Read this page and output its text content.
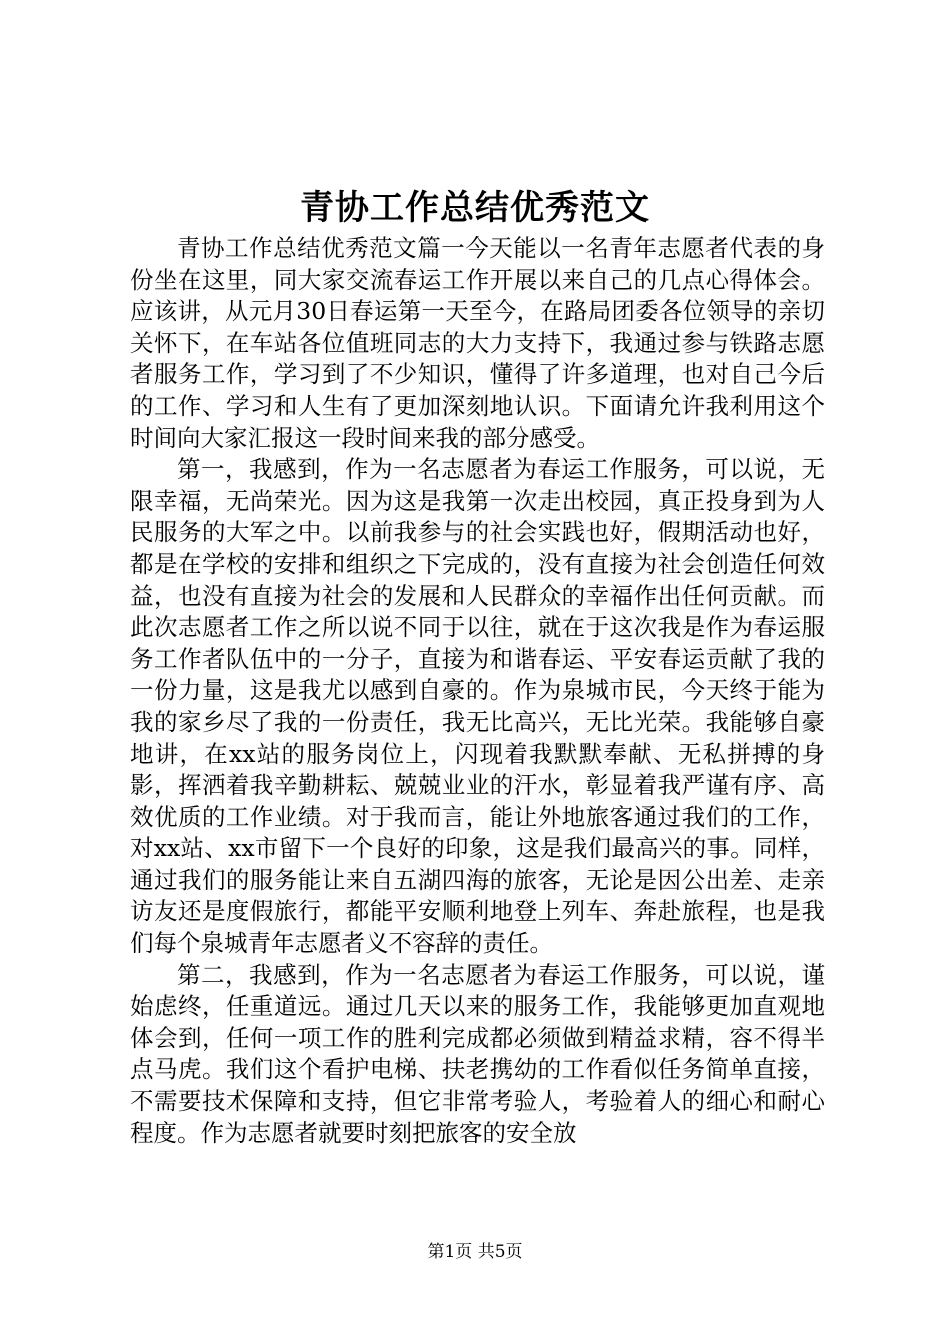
青协工作总结优秀范文

青协工作总结优秀范文篇一今天能以一名青年志愿者代表的身份坐在这里，同大家交流春运工作开展以来自己的几点心得体会。应该讲，从元月30日春运第一天至今，在路局团委各位领导的亲切关怀下，在车站各位值班同志的大力支持下，我通过参与铁路志愿者服务工作，学习到了不少知识，懂得了许多道理，也对自己今后的工作、学习和人生有了更加深刻地认识。下面请允许我利用这个时间向大家汇报这一段时间来我的部分感受。

第一，我感到，作为一名志愿者为春运工作服务，可以说，无限幸福，无尚荣光。因为这是我第一次走出校园，真正投身到为人民服务的大军之中。以前我参与的社会实践也好，假期活动也好，都是在学校的安排和组织之下完成的，没有直接为社会创造任何效益，也没有直接为社会的发展和人民群众的幸福作出任何贡献。而此次志愿者工作之所以说不同于以往，就在于这次我是作为春运服务工作者队伍中的一分子，直接为和谐春运、平安春运贡献了我的一份力量，这是我尤以感到自豪的。作为泉城市民，今天终于能为我的家乡尽了我的一份责任，我无比高兴，无比光荣。我能够自豪地讲，在xx站的服务岗位上，闪现着我默默奉献、无私拼搏的身影，挥洒着我辛勤耕耘、兢兢业业的汗水，彰显着我严谨有序、高效优质的工作业绩。对于我而言，能让外地旅客通过我们的工作，对xx站、xx市留下一个良好的印象，这是我们最高兴的事。同样，通过我们的服务能让来自五湖四海的旅客，无论是因公出差、走亲访友还是度假旅行，都能平安顺利地登上列车、奔赴旅程，也是我们每个泉城青年志愿者义不容辞的责任。

第二，我感到，作为一名志愿者为春运工作服务，可以说，谨始虑终，任重道远。通过几天以来的服务工作，我能够更加直观地体会到，任何一项工作的胜利完成都必须做到精益求精，容不得半点马虎。我们这个看护电梯、扶老携幼的工作看似任务简单直接，不需要技术保障和支持，但它非常考验人，考验着人的细心和耐心程度。作为志愿者就要时刻把旅客的安全放

第1页 共5页
